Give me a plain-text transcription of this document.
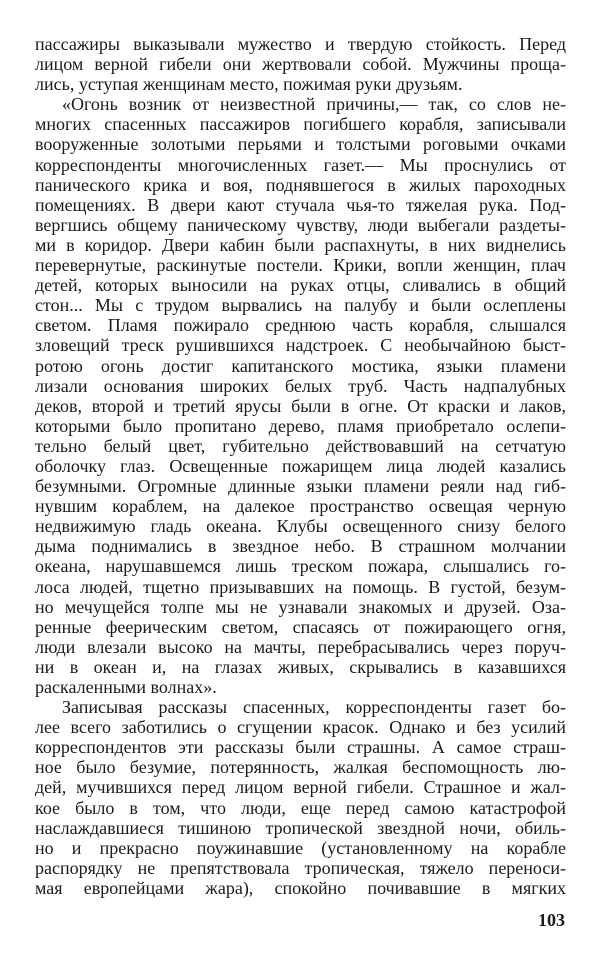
пассажиры выказывали мужество и твердую стойкость. Перед
лицом верной гибели они жертвовали собой. Мужчины проща-
лись, уступая женщинам место, пожимая руки друзьям.
«Огонь возник от неизвестной причины,— так, со слов не-
многих спасенных пассажиров погибшего корабля, записывали
вооруженные золотыми перьями и толстыми роговыми очками
корреспонденты многочисленных газет.— Мы проснулись от
панического крика и воя, поднявшегося в жилых пароходных
помещениях. В двери кают стучала чья-то тяжелая рука. Под-
вергшись общему паническому чувству, люди выбегали раздеты-
ми в коридор. Двери кабин были распахнуты, в них виднелись
перевернутые, раскинутые постели. Крики, вопли женщин, плач
детей, которых выносили на руках отцы, сливались в общий
стон... Мы с трудом вырвались на палубу и были ослеплены
светом. Пламя пожирало среднюю часть корабля, слышался
зловещий треск рушившихся надстроек. С необычайною быст-
ротою огонь достиг капитанского мостика, языки пламени
лизали основания широких белых труб. Часть надпалубных
деков, второй и третий ярусы были в огне. От краски и лаков,
которыми было пропитано дерево, пламя приобретало ослепи-
тельно белый цвет, губительно действовавший на сетчатую
оболочку глаз. Освещенные пожарищем лица людей казались
безумными. Огромные длинные языки пламени реяли над гиб-
нувшим кораблем, на далекое пространство освещая черную
недвижимую гладь океана. Клубы освещенного снизу белого
дыма поднимались в звездное небо. В страшном молчании
океана, нарушавшемся лишь треском пожара, слышались го-
лоса людей, тщетно призывавших на помощь. В густой, безум-
но мечущейся толпе мы не узнавали знакомых и друзей. Оза-
ренные феерическим светом, спасаясь от пожирающего огня,
люди влезали высоко на мачты, перебрасывались через поруч-
ни в океан и, на глазах живых, скрывались в казавшихся
раскаленными волнах».
Записывая рассказы спасенных, корреспонденты газет бо-
лее всего заботились о сгущении красок. Однако и без усилий
корреспондентов эти рассказы были страшны. А самое страш-
ное было безумие, потерянность, жалкая беспомощность лю-
дей, мучившихся перед лицом верной гибели. Страшное и жал-
кое было в том, что люди, еще перед самою катастрофой
наслаждавшиеся тишиною тропической звездной ночи, обиль-
но и прекрасно поужинавшие (установленному на корабле
распорядку не препятствовала тропическая, тяжело переноси-
мая европейцами жара), спокойно почивавшие в мягких
103
